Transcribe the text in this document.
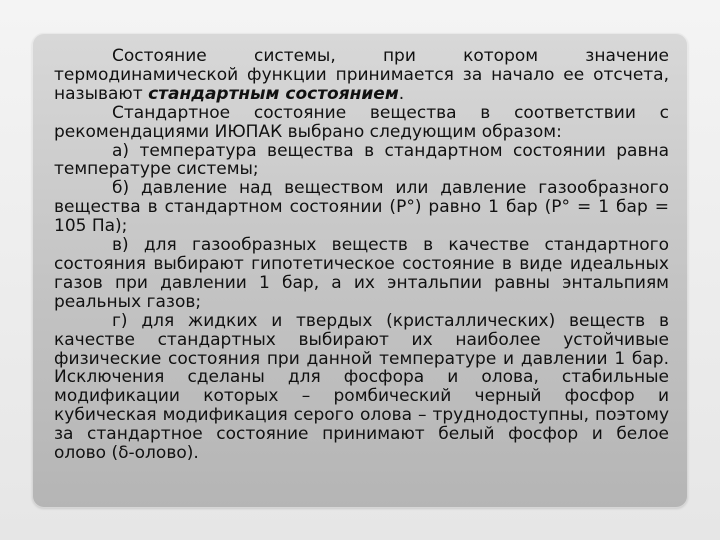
Состояние системы, при котором значение термодинамической функции принимается за начало ее отсчета, называют стандартным состоянием.

Стандартное состояние вещества в соответствии с рекомендациями ИЮПАК выбрано следующим образом:

а) температура вещества в стандартном состоянии равна температуре системы;

б) давление над веществом или давление газообразного вещества в стандартном состоянии (P°) равно 1 бар (P° = 1 бар = 105 Па);

в) для газообразных веществ в качестве стандартного состояния выбирают гипотетическое состояние в виде идеальных газов при давлении 1 бар, а их энтальпии равны энтальпиям реальных газов;

г) для жидких и твердых (кристаллических) веществ в качестве стандартных выбирают их наиболее устойчивые физические состояния при данной температуре и давлении 1 бар. Исключения сделаны для фосфора и олова, стабильные модификации которых – ромбический черный фосфор и кубическая модификация серого олова – труднодоступны, поэтому за стандартное состояние принимают белый фосфор и белое олово (δ-олово).
